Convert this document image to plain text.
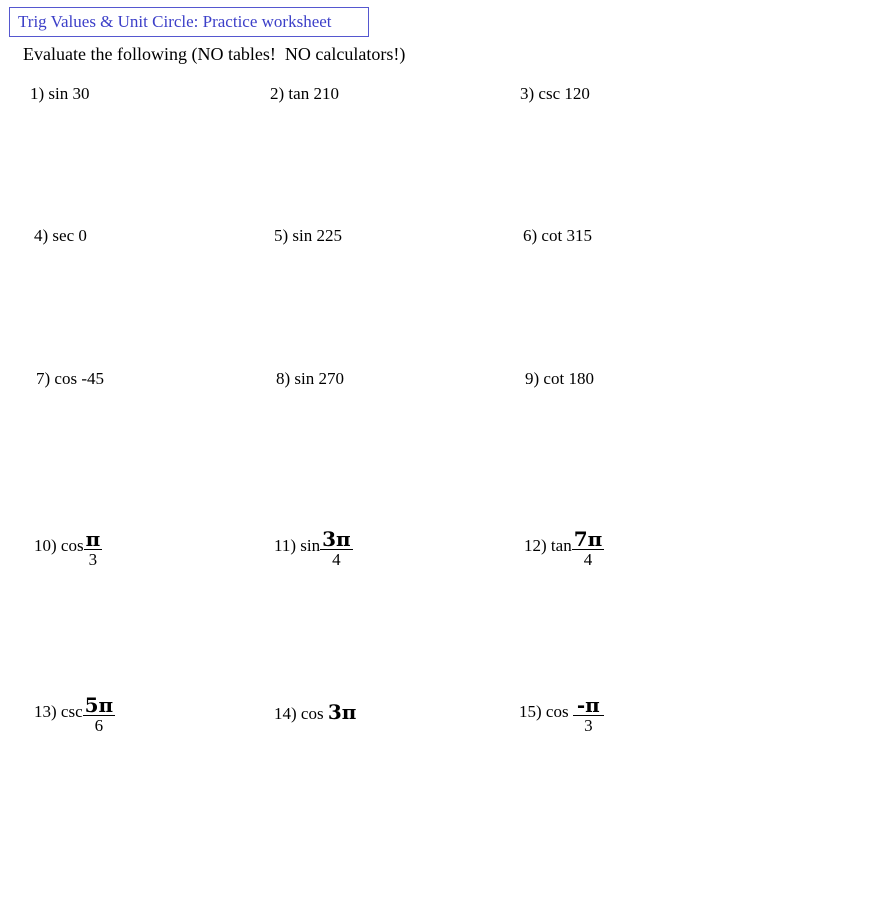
Trig Values & Unit Circle: Practice worksheet
Evaluate the following (NO tables!  NO calculators!)
1) sin 30	2) tan 210	3) csc 120
4) sec 0	5) sin 225	6) cot 315
7) cos -45	8) sin 270	9) cot 180
10) $\cos \frac{\pi}{3}$	11) $\sin \frac{3\pi}{4}$	12) $\tan \frac{7\pi}{4}$
13) $\csc \frac{5\pi}{6}$	14) cos 3π	15) $\cos \frac{-\pi}{3}$
